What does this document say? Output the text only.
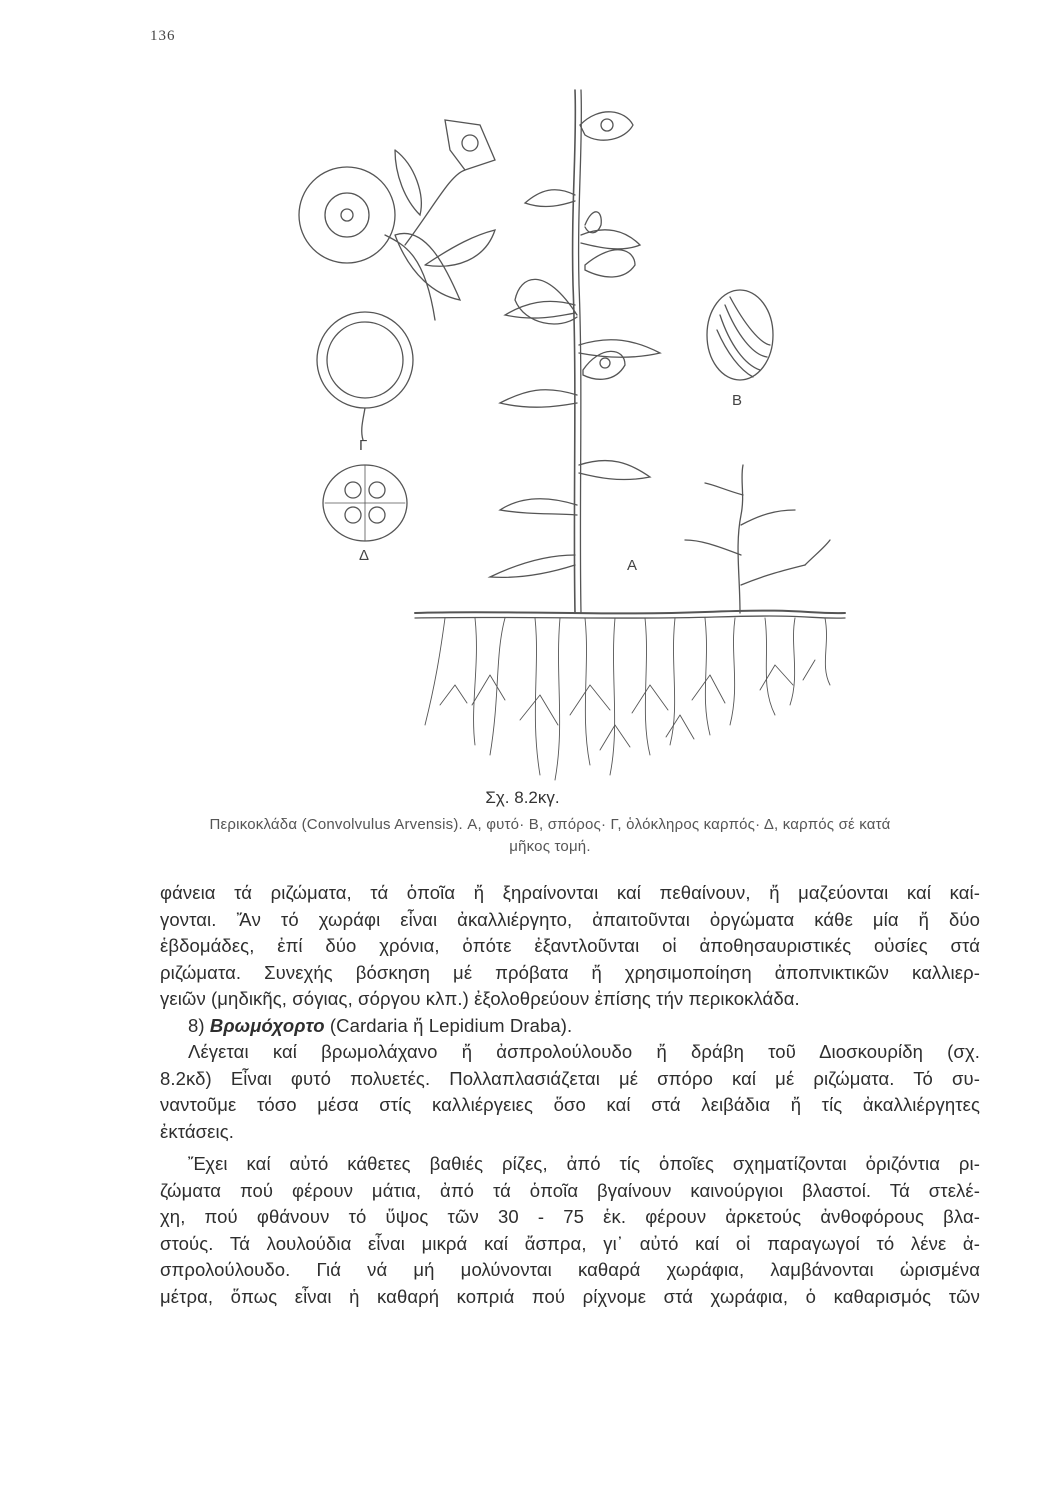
136
A
B
Γ
Δ
Σχ. 8.2κγ.
Περικοκλάδα (Convolvulus Arvensis). A, φυτό· B, σπόρος· Γ, ὁλόκληρος καρπός· Δ, καρπός σέ κατά
μῆκος τομή.
φάνεια τά ριζώματα, τά ὁποῖα ἤ ξηραίνονται καί πεθαίνουν, ἤ μαζεύονται καί καί-
γονται. Ἄν τό χωράφι εἶναι ἀκαλλιέργητο, ἀπαιτοῦνται ὀργώματα κάθε μία ἤ δύο
ἑβδομάδες, ἐπί δύο χρόνια, ὁπότε ἐξαντλοῦνται οἱ ἀποθησαυριστικές οὐσίες στά
ριζώματα. Συνεχής βόσκηση μέ πρόβατα ἤ χρησιμοποίηση ἀποπνικτικῶν καλλιερ-
γειῶν (μηδικῆς, σόγιας, σόργου κλπ.) ἐξολοθρεύουν ἐπίσης τήν περικοκλάδα.
8) Βρωμόχορτο (Cardaria ἤ Lepidium Draba).
Λέγεται καί βρωμολάχανο ἤ ἀσπρολούλουδο ἤ δράβη τοῦ Διοσκουρίδη (σχ.
8.2κδ) Εἶναι φυτό πολυετές. Πολλαπλασιάζεται μέ σπόρο καί μέ ριζώματα. Τό συ-
ναντοῦμε τόσο μέσα στίς καλλιέργειες ὅσο καί στά λειβάδια ἤ τίς ἀκαλλιέργητες
ἐκτάσεις.
Ἔχει καί αὐτό κάθετες βαθιές ρίζες, ἀπό τίς ὁποῖες σχηματίζονται ὁριζόντια ρι-
ζώματα πού φέρουν μάτια, ἀπό τά ὁποῖα βγαίνουν καινούργιοι βλαστοί. Τά στελέ-
χη, πού φθάνουν τό ὕψος τῶν 30 - 75 ἑκ. φέρουν ἀρκετούς ἀνθοφόρους βλα-
στούς. Τά λουλούδια εἶναι μικρά καί ἄσπρα, γι᾿ αὐτό καί οἱ παραγωγοί τό λένε ἀ-
σπρολούλουδο. Γιά νά μή μολύνονται καθαρά χωράφια, λαμβάνονται ὡρισμένα
μέτρα, ὅπως εἶναι ἡ καθαρή κοπριά πού ρίχνομε στά χωράφια, ὁ καθαρισμός τῶν
